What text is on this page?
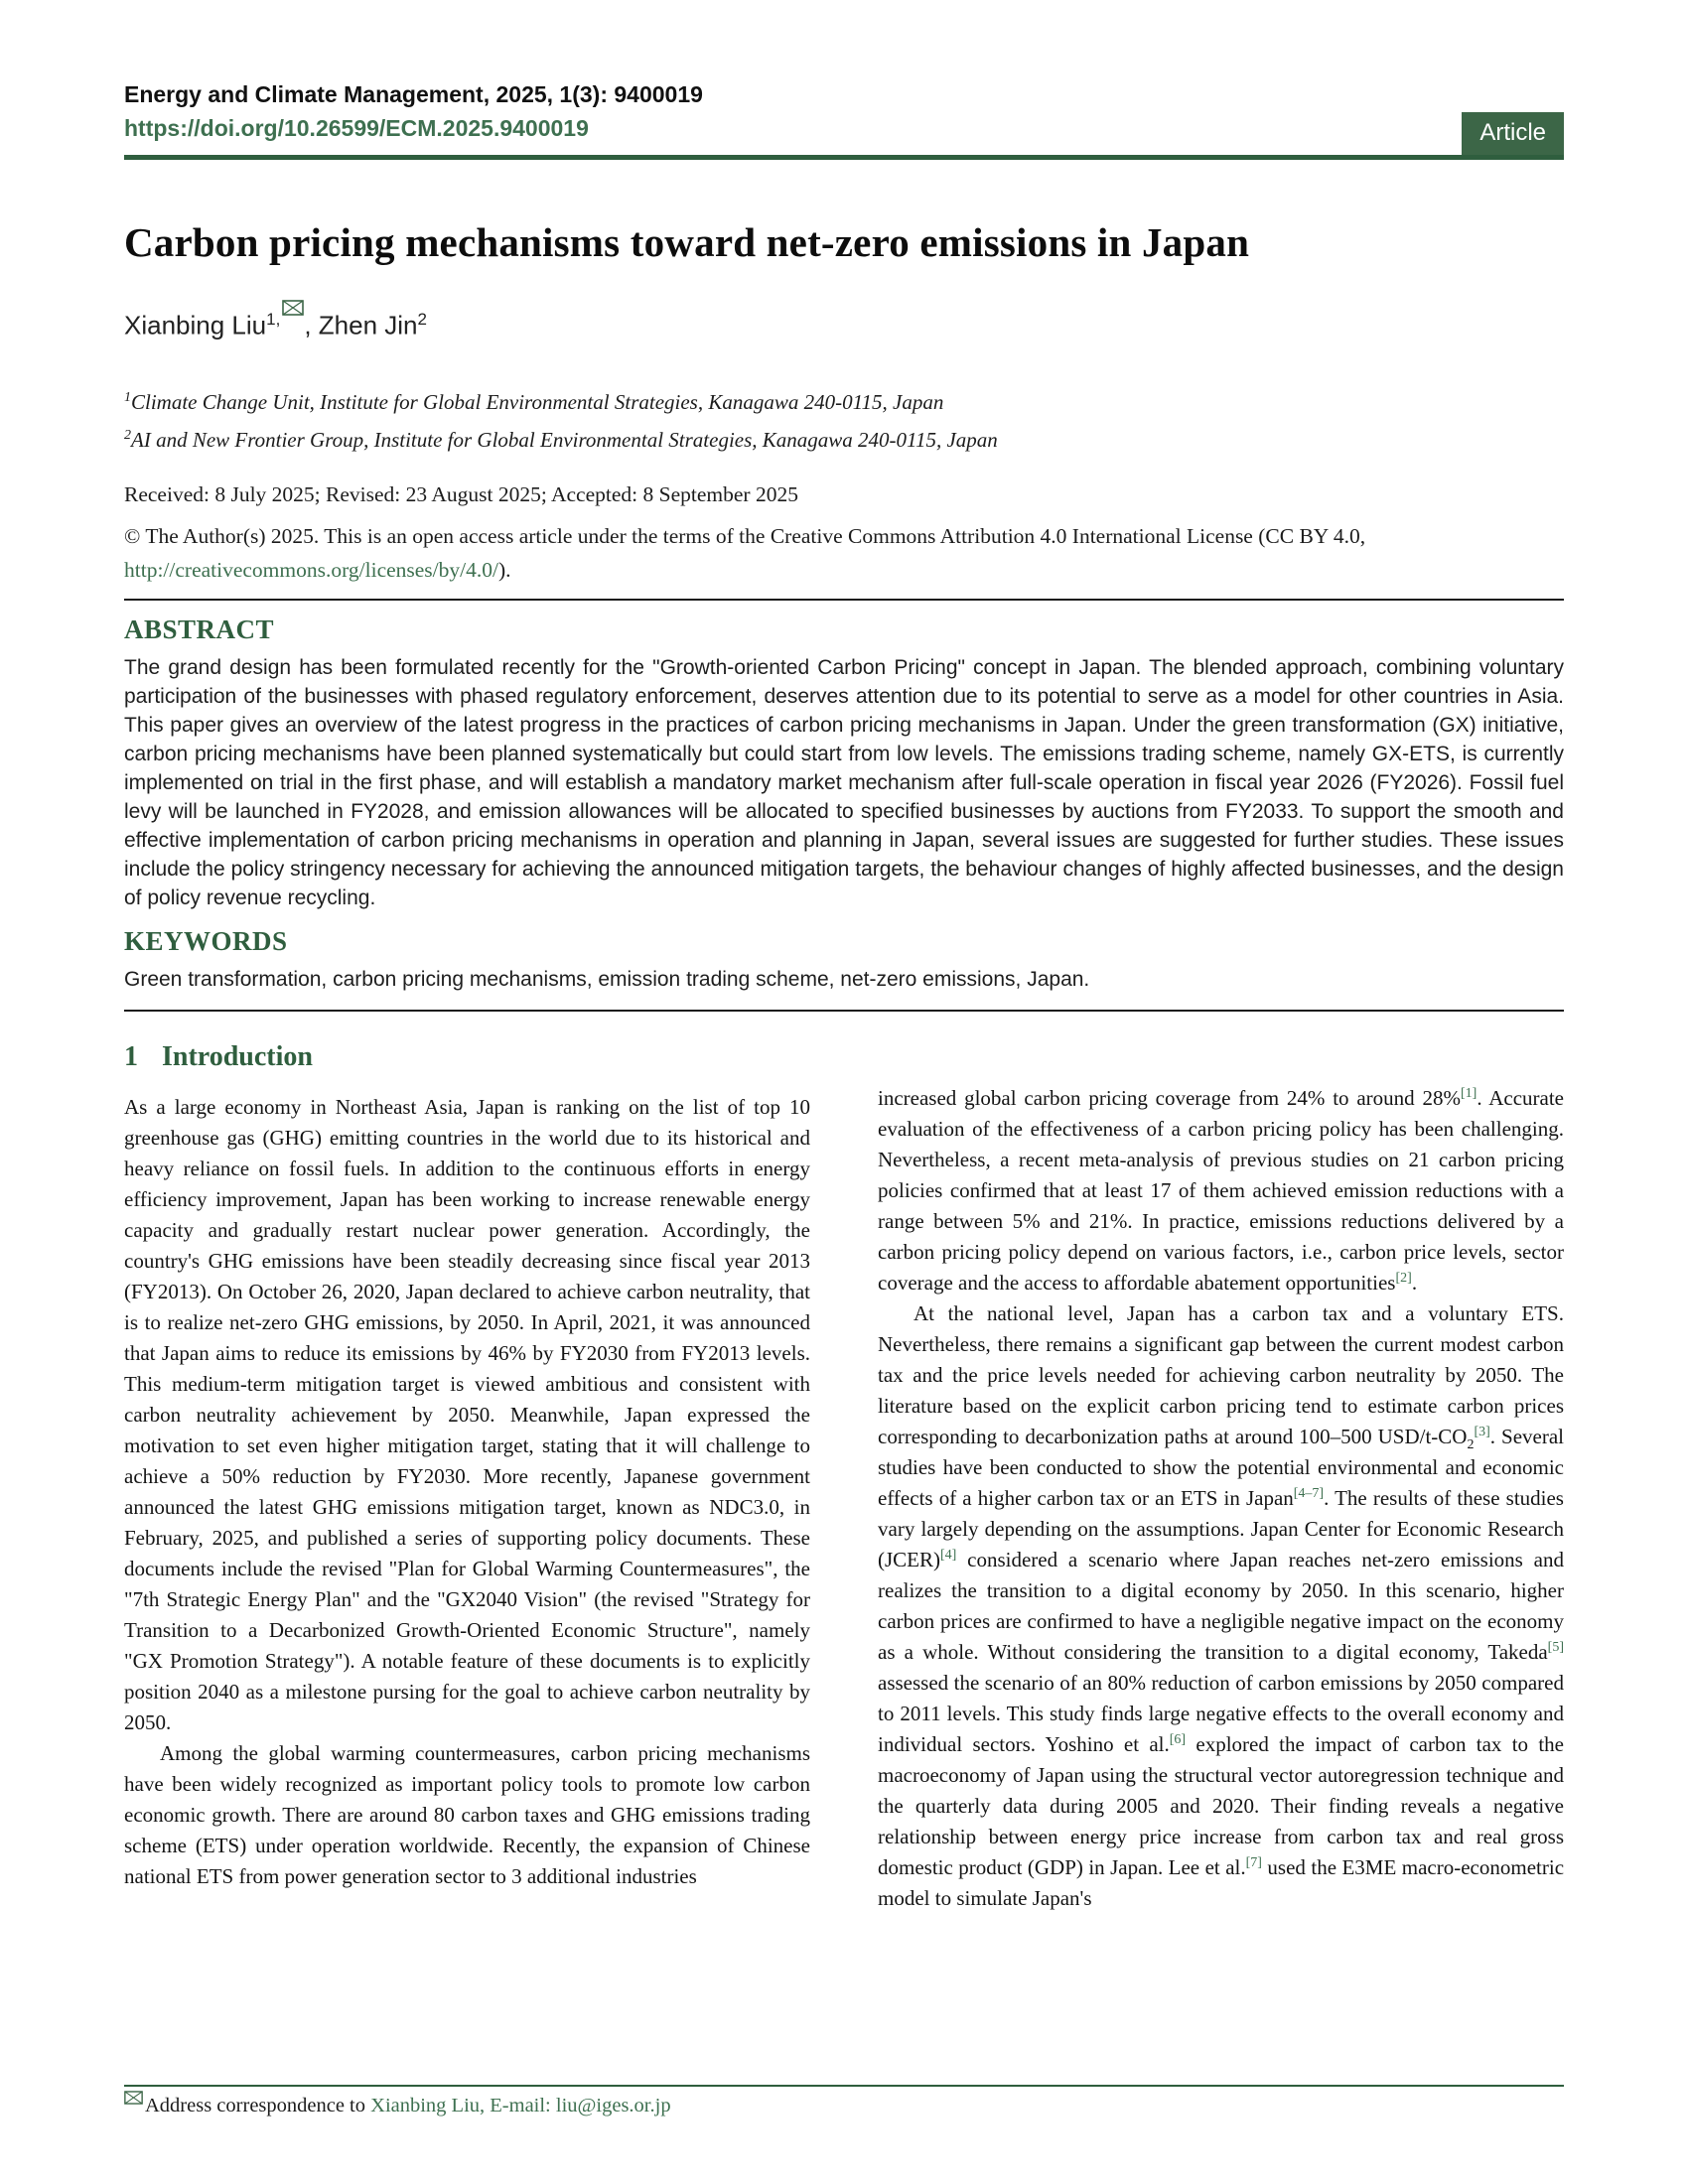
Energy and Climate Management, 2025, 1(3): 9400019
https://doi.org/10.26599/ECM.2025.9400019	Article
Carbon pricing mechanisms toward net-zero emissions in Japan
Xianbing Liu$^{1,}$ , Zhen Jin$^2$
$^1$Climate Change Unit, Institute for Global Environmental Strategies, Kanagawa 240-0115, Japan
$^2$AI and New Frontier Group, Institute for Global Environmental Strategies, Kanagawa 240-0115, Japan
Received: 8 July 2025; Revised: 23 August 2025; Accepted: 8 September 2025
© The Author(s) 2025. This is an open access article under the terms of the Creative Commons Attribution 4.0 International License (CC BY 4.0, http://creativecommons.org/licenses/by/4.0/).
ABSTRACT

The grand design has been formulated recently for the "Growth-oriented Carbon Pricing" concept in Japan. The blended approach, combining voluntary participation of the businesses with phased regulatory enforcement, deserves attention due to its potential to serve as a model for other countries in Asia. This paper gives an overview of the latest progress in the practices of carbon pricing mechanisms in Japan. Under the green transformation (GX) initiative, carbon pricing mechanisms have been planned systematically but could start from low levels. The emissions trading scheme, namely GX-ETS, is currently implemented on trial in the first phase, and will establish a mandatory market mechanism after full-scale operation in fiscal year 2026 (FY2026). Fossil fuel levy will be launched in FY2028, and emission allowances will be allocated to specified businesses by auctions from FY2033. To support the smooth and effective implementation of carbon pricing mechanisms in operation and planning in Japan, several issues are suggested for further studies. These issues include the policy stringency necessary for achieving the announced mitigation targets, the behaviour changes of highly affected businesses, and the design of policy revenue recycling.

KEYWORDS

Green transformation, carbon pricing mechanisms, emission trading scheme, net-zero emissions, Japan.

1 Introduction

As a large economy in Northeast Asia, Japan is ranking on the list of top 10 greenhouse gas (GHG) emitting countries in the world due to its historical and heavy reliance on fossil fuels. In addition to the continuous efforts in energy efficiency improvement, Japan has been working to increase renewable energy capacity and gradually restart nuclear power generation. Accordingly, the country's GHG emissions have been steadily decreasing since fiscal year 2013 (FY2013). On October 26, 2020, Japan declared to achieve carbon neutrality, that is to realize net-zero GHG emissions, by 2050. In April, 2021, it was announced that Japan aims to reduce its emissions by 46% by FY2030 from FY2013 levels. This medium-term mitigation target is viewed ambitious and consistent with carbon neutrality achievement by 2050. Meanwhile, Japan expressed the motivation to set even higher mitigation target, stating that it will challenge to achieve a 50% reduction by FY2030. More recently, Japanese government announced the latest GHG emissions mitigation target, known as NDC3.0, in February, 2025, and published a series of supporting policy documents. These documents include the revised "Plan for Global Warming Countermeasures", the "7th Strategic Energy Plan" and the "GX2040 Vision" (the revised "Strategy for Transition to a Decarbonized Growth-Oriented Economic Structure", namely "GX Promotion Strategy"). A notable feature of these documents is to explicitly position 2040 as a milestone pursing for the goal to achieve carbon neutrality by 2050.

Among the global warming countermeasures, carbon pricing mechanisms have been widely recognized as important policy tools to promote low carbon economic growth. There are around 80 carbon taxes and GHG emissions trading scheme (ETS) under operation worldwide. Recently, the expansion of Chinese national ETS from power generation sector to 3 additional industries

increased global carbon pricing coverage from 24% to around 28%[1]. Accurate evaluation of the effectiveness of a carbon pricing policy has been challenging. Nevertheless, a recent meta-analysis of previous studies on 21 carbon pricing policies confirmed that at least 17 of them achieved emission reductions with a range between 5% and 21%. In practice, emissions reductions delivered by a carbon pricing policy depend on various factors, i.e., carbon price levels, sector coverage and the access to affordable abatement opportunities[2].

At the national level, Japan has a carbon tax and a voluntary ETS. Nevertheless, there remains a significant gap between the current modest carbon tax and the price levels needed for achieving carbon neutrality by 2050. The literature based on the explicit carbon pricing tend to estimate carbon prices corresponding to decarbonization paths at around 100–500 USD/$t-CO_2[3]$. Several studies have been conducted to show the potential environmental and economic effects of a higher carbon tax or an ETS in Japan[4–7]. The results of these studies vary largely depending on the assumptions. Japan Center for Economic Research (JCER)[4] considered a scenario where Japan reaches net-zero emissions and realizes the transition to a digital economy by 2050. In this scenario, higher carbon prices are confirmed to have a negligible negative impact on the economy as a whole. Without considering the transition to a digital economy, Takeda[5] assessed the scenario of an 80% reduction of carbon emissions by 2050 compared to 2011 levels. This study finds large negative effects to the overall economy and individual sectors. Yoshino et al.[6] explored the impact of carbon tax to the macroeconomy of Japan using the structural vector autoregression technique and the quarterly data during 2005 and 2020. Their finding reveals a negative relationship between energy price increase from carbon tax and real gross domestic product (GDP) in Japan. Lee et al.[7] used the E3ME macro-econometric model to simulate Japan's

Address correspondence to Xianbing Liu, E-mail: liu@iges.or.jp
